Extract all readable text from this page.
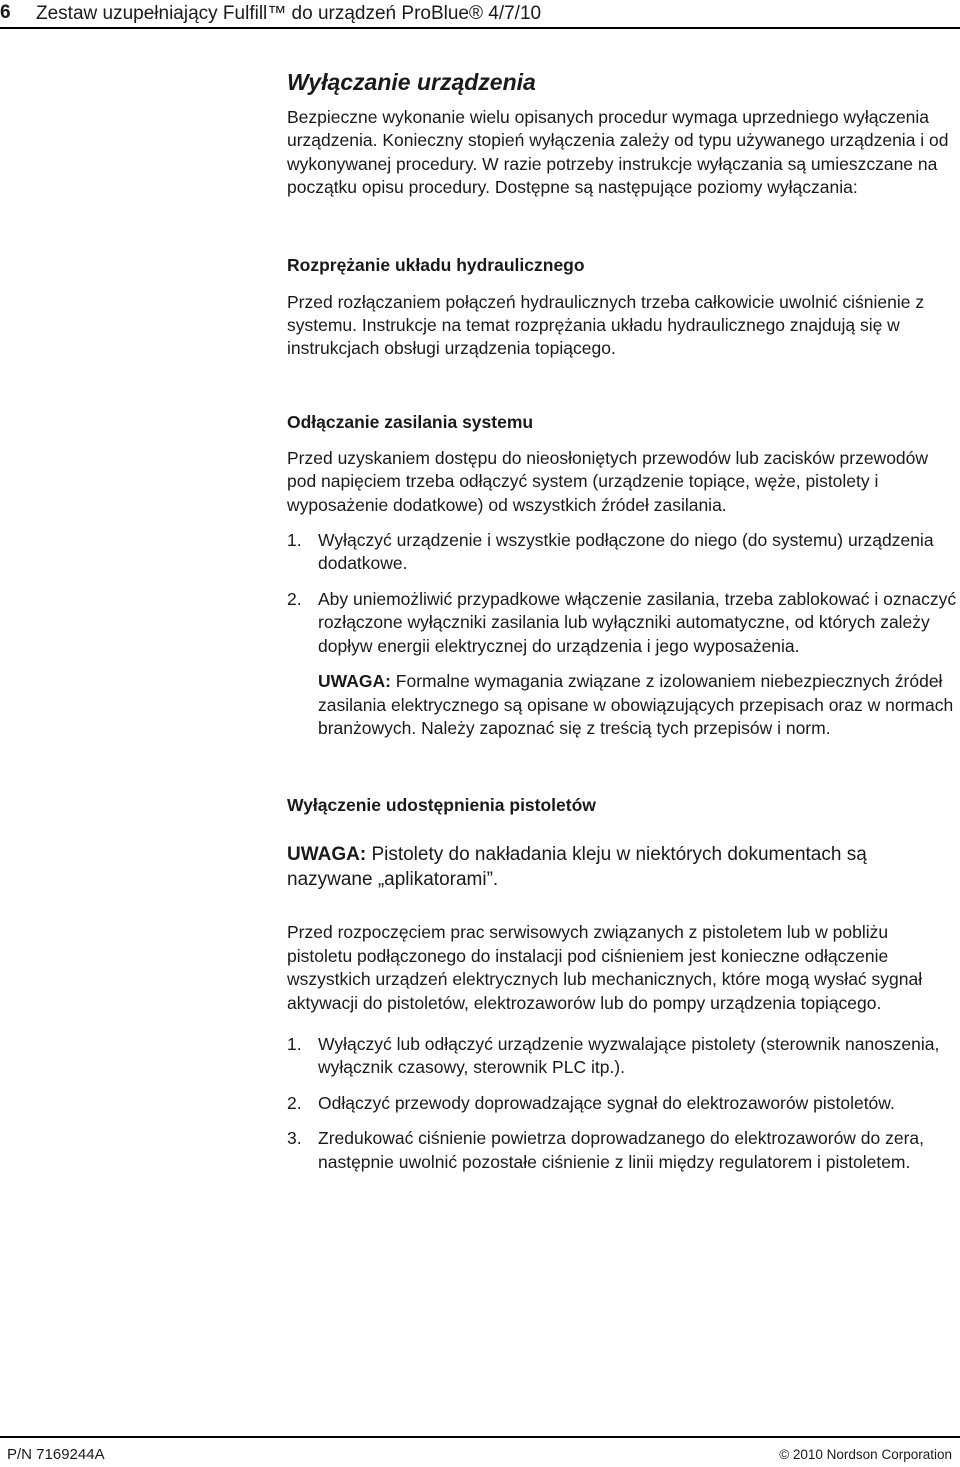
6 Zestaw uzupełniający Fulfill™ do urządzeń ProBlue® 4/7/10
Wyłączanie urządzenia

Bezpieczne wykonanie wielu opisanych procedur wymaga uprzedniego wyłączenia urządzenia. Konieczny stopień wyłączenia zależy od typu używanego urządzenia i od wykonywanej procedury. W razie potrzeby instrukcje wyłączania są umieszczane na początku opisu procedury. Dostępne są następujące poziomy wyłączania:

Rozprężanie układu hydraulicznego

Przed rozłączaniem połączeń hydraulicznych trzeba całkowicie uwolnić ciśnienie z systemu. Instrukcje na temat rozprężania układu hydraulicznego znajdują się w instrukcjach obsługi urządzenia topiącego.

Odłączanie zasilania systemu

Przed uzyskaniem dostępu do nieosłoniętych przewodów lub zacisków przewodów pod napięciem trzeba odłączyć system (urządzenie topiące, węże, pistolety i wyposażenie dodatkowe) od wszystkich źródeł zasilania.

1. Wyłączyć urządzenie i wszystkie podłączone do niego (do systemu) urządzenia dodatkowe.
2. Aby uniemożliwić przypadkowe włączenie zasilania, trzeba zablokować i oznaczyć rozłączone wyłączniki zasilania lub wyłączniki automatyczne, od których zależy dopływ energii elektrycznej do urządzenia i jego wyposażenia.

UWAGA: Formalne wymagania związane z izolowaniem niebezpiecznych źródeł zasilania elektrycznego są opisane w obowiązujących przepisach oraz w normach branżowych. Należy zapoznać się z treścią tych przepisów i norm.

Wyłączenie udostępnienia pistoletów

UWAGA: Pistolety do nakładania kleju w niektórych dokumentach są nazywane „aplikatorami”.

Przed rozpoczęciem prac serwisowych związanych z pistoletem lub w pobliżu pistoletu podłączonego do instalacji pod ciśnieniem jest konieczne odłączenie wszystkich urządzeń elektrycznych lub mechanicznych, które mogą wysłać sygnał aktywacji do pistoletów, elektrozaworów lub do pompy urządzenia topiącego.

1. Wyłączyć lub odłączyć urządzenie wyzwalające pistolety (sterownik nanoszenia, wyłącznik czasowy, sterownik PLC itp.).
2. Odłączyć przewody doprowadzające sygnał do elektrozaworów pistoletów.
3. Zredukować ciśnienie powietrza doprowadzanego do elektrozaworów do zera, następnie uwolnić pozostałe ciśnienie z linii między regulatorem i pistoletem.
P/N 7169244A	© 2010 Nordson Corporation
